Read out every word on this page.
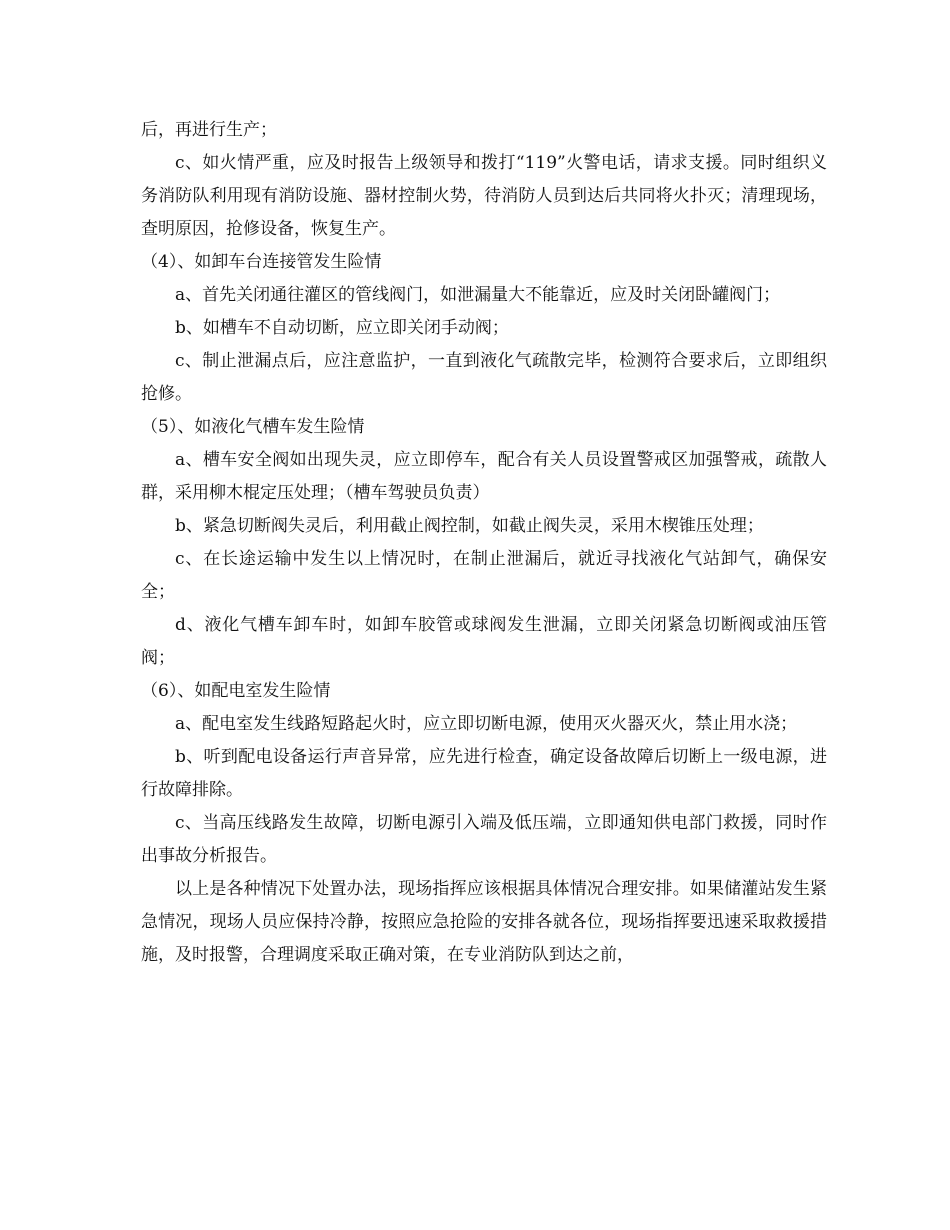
后，再进行生产；

c、如火情严重，应及时报告上级领导和拨打“119”火警电话，请求支援。同时组织义务消防队利用现有消防设施、器材控制火势，待消防人员到达后共同将火扑灭；清理现场，查明原因，抢修设备，恢复生产。

（4）、如卸车台连接管发生险情

a、首先关闭通往灌区的管线阀门，如泄漏量大不能靠近，应及时关闭卧罐阀门；

b、如槽车不自动切断，应立即关闭手动阀；

c、制止泄漏点后，应注意监护，一直到液化气疏散完毕，检测符合要求后，立即组织抢修。

（5）、如液化气槽车发生险情

a、槽车安全阀如出现失灵，应立即停车，配合有关人员设置警戒区加强警戒，疏散人群，采用柳木棍定压处理；（槽车驾驶员负责）

b、紧急切断阀失灵后，利用截止阀控制，如截止阀失灵，采用木楔锥压处理；

c、在长途运输中发生以上情况时，在制止泄漏后，就近寻找液化气站卸气，确保安全；

d、液化气槽车卸车时，如卸车胶管或球阀发生泄漏，立即关闭紧急切断阀或油压管阀；

（6）、如配电室发生险情

a、配电室发生线路短路起火时，应立即切断电源，使用灭火器灭火，禁止用水浇；

b、听到配电设备运行声音异常，应先进行检查，确定设备故障后切断上一级电源，进行故障排除。

c、当高压线路发生故障，切断电源引入端及低压端，立即通知供电部门救援，同时作出事故分析报告。

以上是各种情况下处置办法，现场指挥应该根据具体情况合理安排。如果储灌站发生紧急情况，现场人员应保持冷静，按照应急抢险的安排各就各位，现场指挥要迅速采取救援措施，及时报警，合理调度采取正确对策，在专业消防队到达之前，
